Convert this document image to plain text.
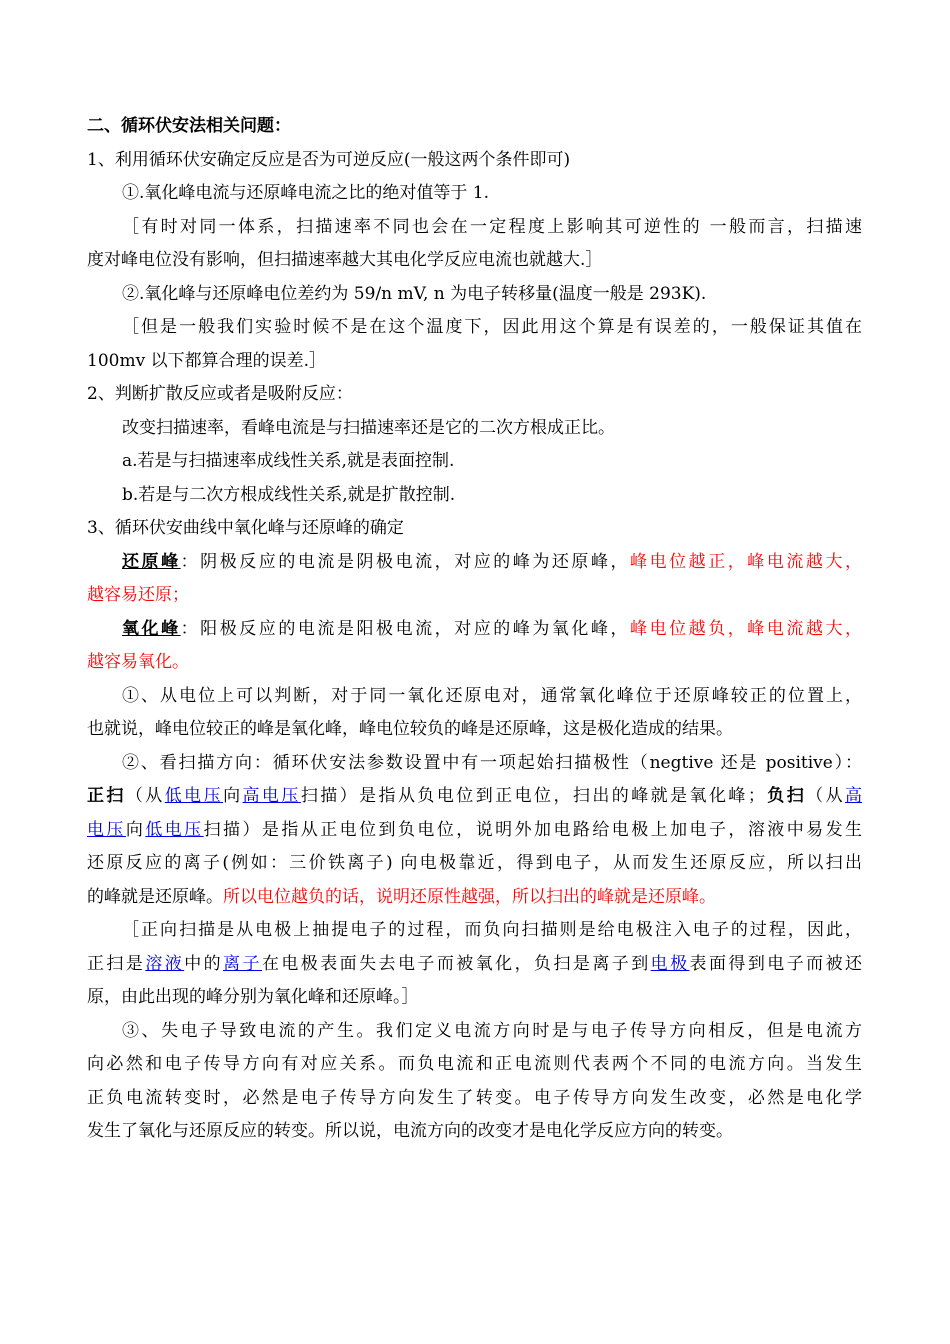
二、循环伏安法相关问题：
1、利用循环伏安确定反应是否为可逆反应(一般这两个条件即可)
①.氧化峰电流与还原峰电流之比的绝对值等于 1.
［有时对同一体系，扫描速率不同也会在一定程度上影响其可逆性的 一般而言，扫描速
度对峰电位没有影响，但扫描速率越大其电化学反应电流也就越大.］
②.氧化峰与还原峰电位差约为 59/n mV, n 为电子转移量(温度一般是 293K).
［但是一般我们实验时候不是在这个温度下，因此用这个算是有误差的，一般保证其值在
100mv 以下都算合理的误差.］
2、判断扩散反应或者是吸附反应：
改变扫描速率，看峰电流是与扫描速率还是它的二次方根成正比。
a.若是与扫描速率成线性关系,就是表面控制.
b.若是与二次方根成线性关系,就是扩散控制.
3、循环伏安曲线中氧化峰与还原峰的确定
还原峰：阴极反应的电流是阴极电流，对应的峰为还原峰，峰电位越正，峰电流越大，
越容易还原；
氧化峰：阳极反应的电流是阳极电流，对应的峰为氧化峰，峰电位越负，峰电流越大，
越容易氧化。
①、从电位上可以判断，对于同一氧化还原电对，通常氧化峰位于还原峰较正的位置上，
也就说，峰电位较正的峰是氧化峰，峰电位较负的峰是还原峰，这是极化造成的结果。
②、看扫描方向：循环伏安法参数设置中有一项起始扫描极性（negtive 还是 positive）：
正扫（从低电压向高电压扫描）是指从负电位到正电位，扫出的峰就是氧化峰；负扫（从高
电压向低电压扫描）是指从正电位到负电位，说明外加电路给电极上加电子，溶液中易发生
还原反应的离子(例如：三价铁离子) 向电极靠近，得到电子，从而发生还原反应，所以扫出
的峰就是还原峰。所以电位越负的话，说明还原性越强，所以扫出的峰就是还原峰。
［正向扫描是从电极上抽提电子的过程，而负向扫描则是给电极注入电子的过程，因此，
正扫是溶液中的离子在电极表面失去电子而被氧化，负扫是离子到电极表面得到电子而被还
原，由此出现的峰分别为氧化峰和还原峰。］
③、失电子导致电流的产生。我们定义电流方向时是与电子传导方向相反，但是电流方
向必然和电子传导方向有对应关系。而负电流和正电流则代表两个不同的电流方向。当发生
正负电流转变时，必然是电子传导方向发生了转变。电子传导方向发生改变，必然是电化学
发生了氧化与还原反应的转变。所以说，电流方向的改变才是电化学反应方向的转变。
